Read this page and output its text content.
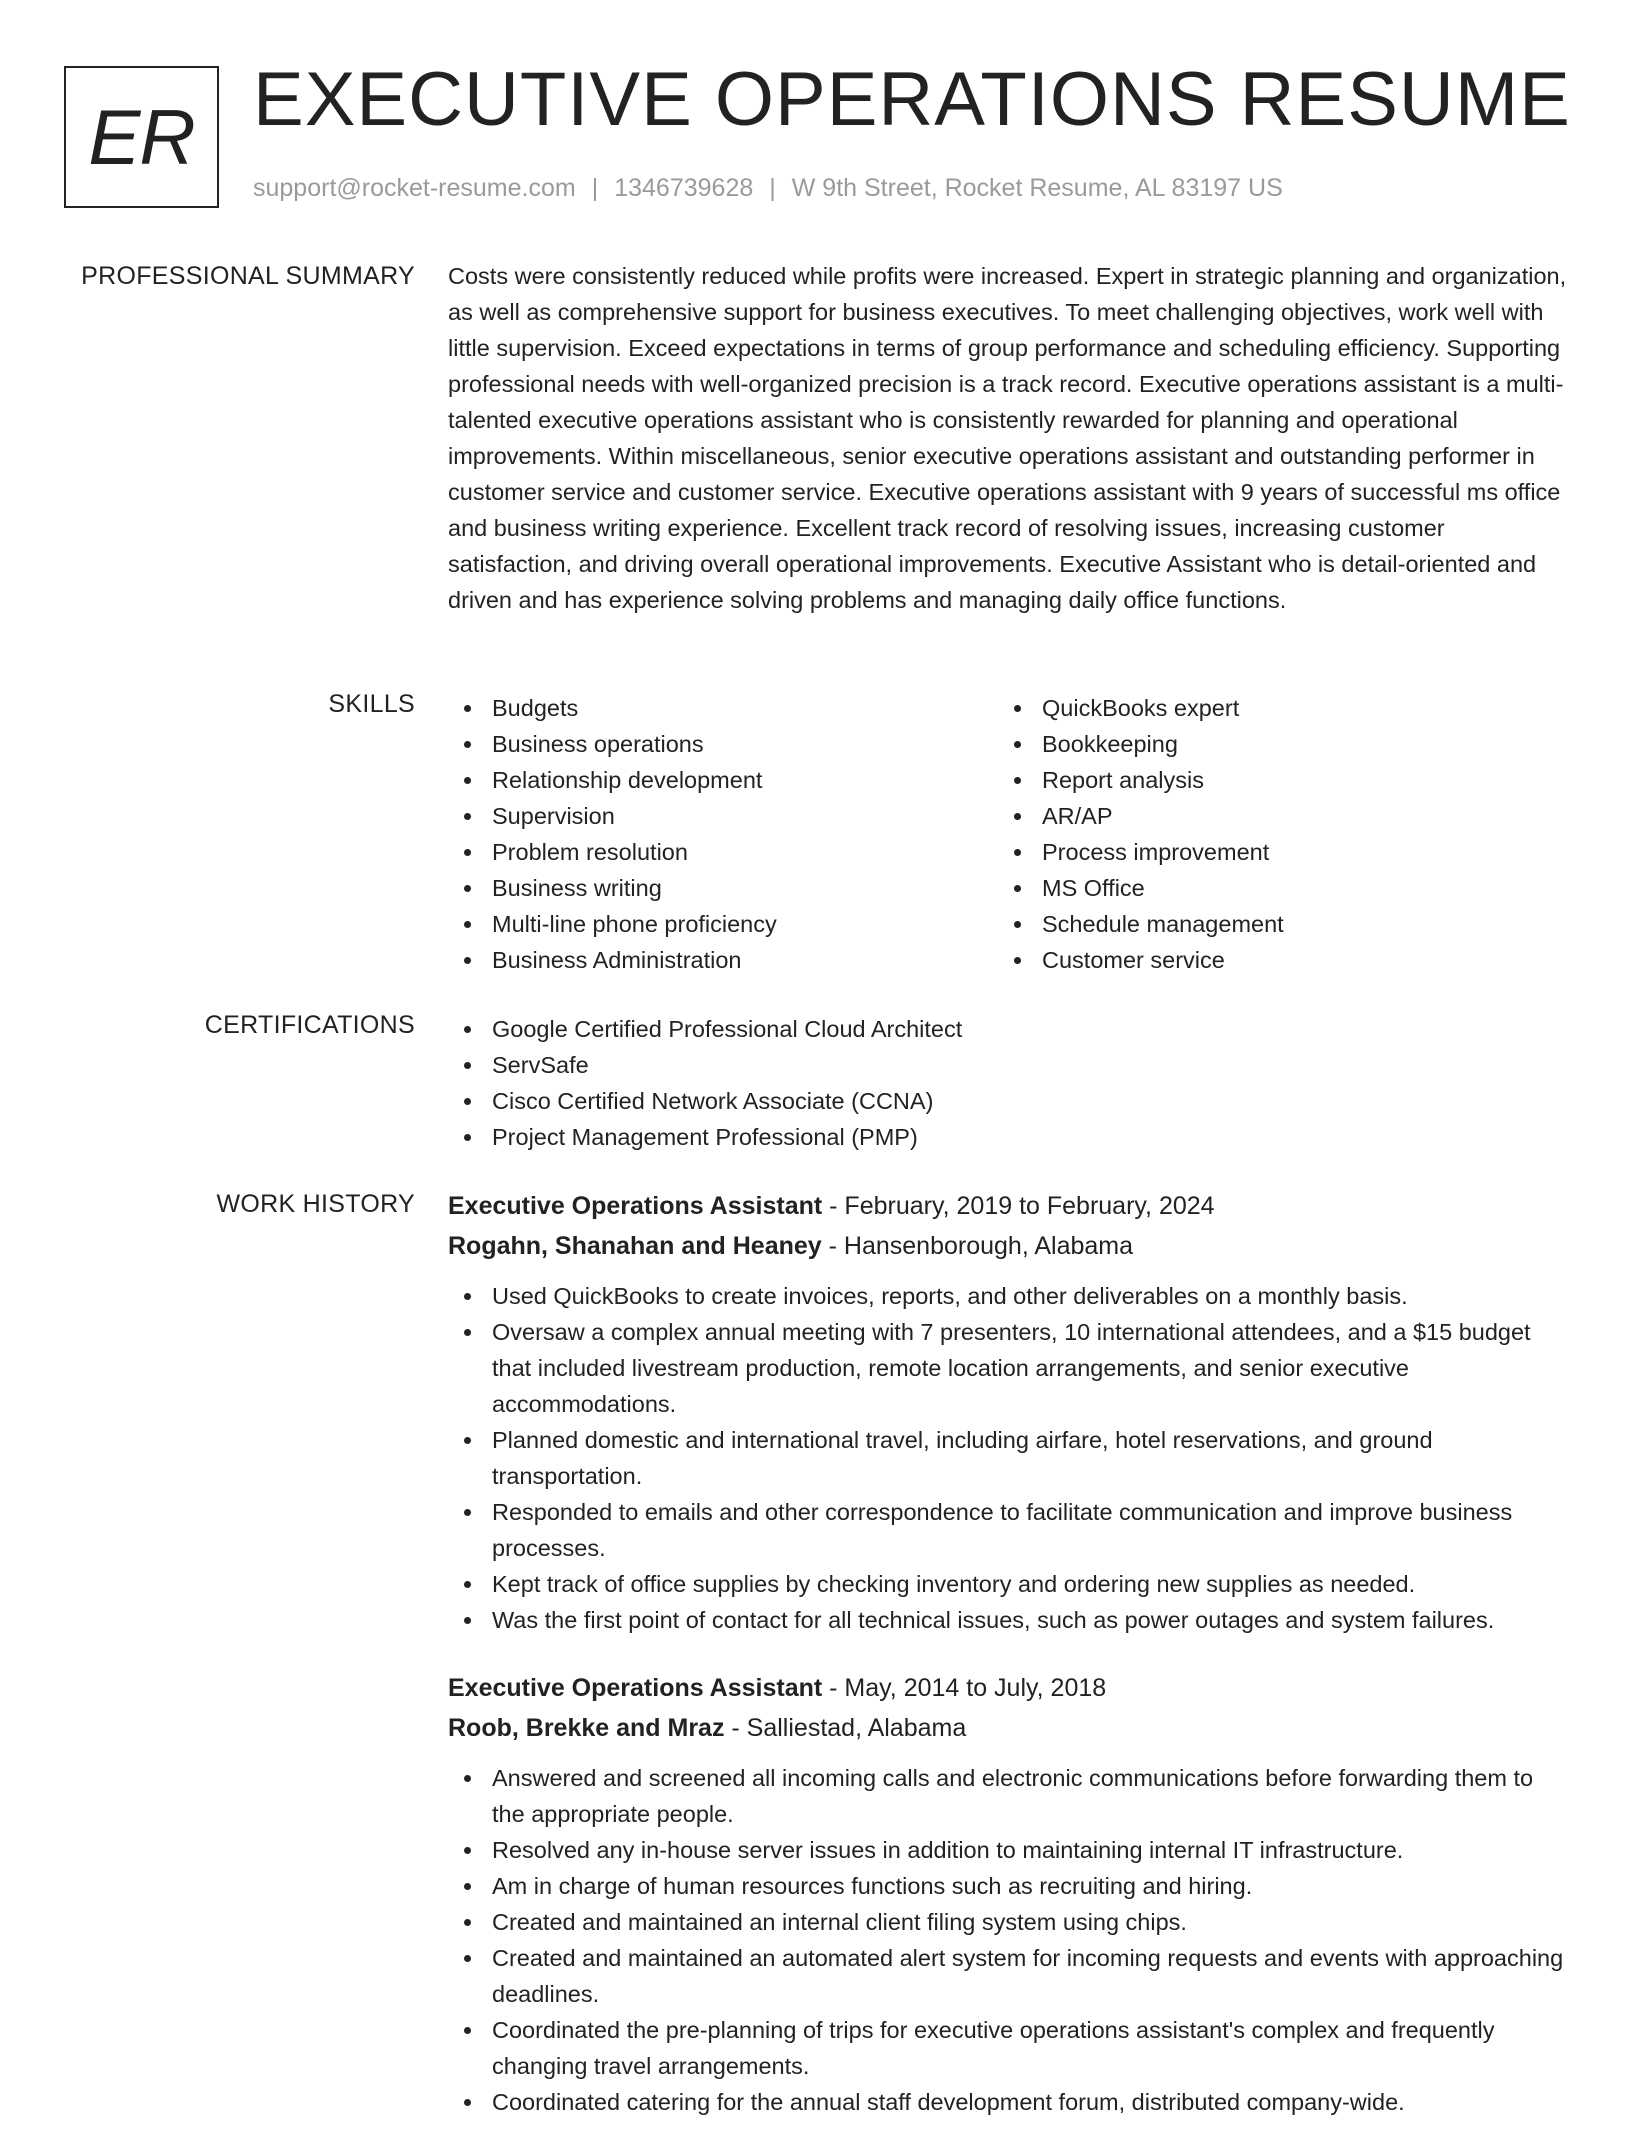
ER EXECUTIVE OPERATIONS RESUME
support@rocket-resume.com | 1346739628 | W 9th Street, Rocket Resume, AL 83197 US
PROFESSIONAL SUMMARY Costs were consistently reduced while profits were increased. Expert in strategic planning and organization, as well as comprehensive support for business executives. To meet challenging objectives, work well with little supervision. Exceed expectations in terms of group performance and scheduling efficiency. Supporting professional needs with well-organized precision is a track record. Executive operations assistant is a multi-talented executive operations assistant who is consistently rewarded for planning and operational improvements. Within miscellaneous, senior executive operations assistant and outstanding performer in customer service and customer service. Executive operations assistant with 9 years of successful ms office and business writing experience. Excellent track record of resolving issues, increasing customer satisfaction, and driving overall operational improvements. Executive Assistant who is detail-oriented and driven and has experience solving problems and managing daily office functions.

SKILLS	Budgets
Business operations
Relationship development
Supervision
Problem resolution
Business writing
Multi-line phone proficiency
Business Administration
QuickBooks expert
Bookkeeping
Report analysis
AR/AP
Process improvement
MS Office
Schedule management
Customer service
CERTIFICATIONS	Google Certified Professional Cloud Architect
ServSafe
Cisco Certified Network Associate (CCNA)
Project Management Professional (PMP)
WORK HISTORY Executive Operations Assistant - February, 2019 to February, 2024
Rogahn, Shanahan and Heaney - Hansenborough, Alabama
Used QuickBooks to create invoices, reports, and other deliverables on a monthly basis.
Oversaw a complex annual meeting with 7 presenters, 10 international attendees, and a $15 budget that included livestream production, remote location arrangements, and senior executive accommodations.
Planned domestic and international travel, including airfare, hotel reservations, and ground transportation.
Responded to emails and other correspondence to facilitate communication and improve business processes.
Kept track of office supplies by checking inventory and ordering new supplies as needed.
Was the first point of contact for all technical issues, such as power outages and system failures.
Executive Operations Assistant - May, 2014 to July, 2018
Roob, Brekke and Mraz - Salliestad, Alabama
Answered and screened all incoming calls and electronic communications before forwarding them to the appropriate people.
Resolved any in-house server issues in addition to maintaining internal IT infrastructure.
Am in charge of human resources functions such as recruiting and hiring.
Created and maintained an internal client filing system using chips.
Created and maintained an automated alert system for incoming requests and events with approaching deadlines.
Coordinated the pre-planning of trips for executive operations assistant's complex and frequently changing travel arrangements.
Coordinated catering for the annual staff development forum, distributed company-wide.
